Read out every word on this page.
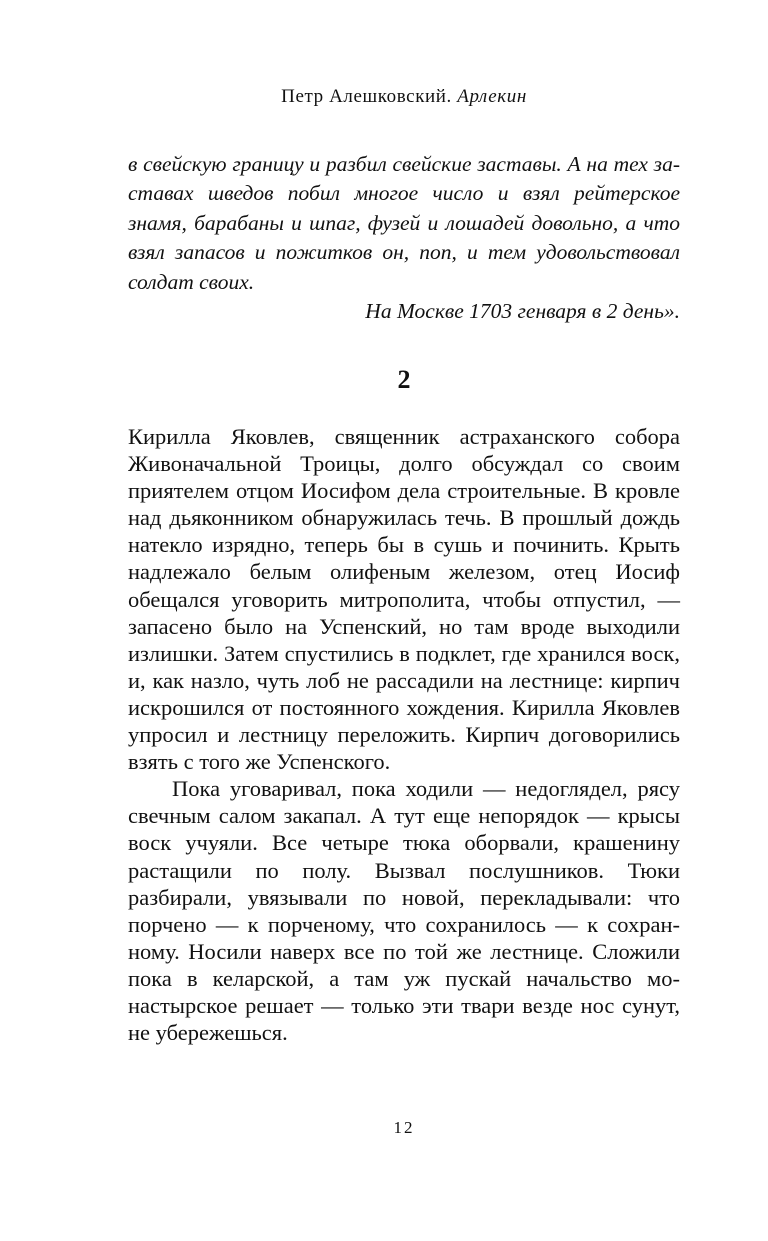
Петр Алешковский. Арлекин

в свейскую границу и разбил свейские заставы. А на тех заставах шведов побил многое число и взял рейтерское знамя, барабаны и шпаг, фузей и лошадей довольно, а что взял запасов и пожитков он, поп, и тем удовольствовал солдат своих.

На Москве 1703 генваря в 2 день».

2

Кирилла Яковлев, священник астраханского собора Живоначальной Троицы, долго обсуждал со своим приятелем отцом Иосифом дела строительные. В кровле над дьяконником обнаружилась течь. В прошлый дождь натекло изрядно, теперь бы в сушь и починить. Крыть надлежало белым олифеным железом, отец Иосиф обещался уговорить митрополита, чтобы отпустил, — запасено было на Успенский, но там вроде выходили излишки. Затем спустились в подклет, где хранился воск, и, как назло, чуть лоб не рассадили на лестнице: кирпич искрошился от постоянного хождения. Кирилла Яковлев упросил и лестницу переложить. Кирпич договорились взять с того же Успенского.

Пока уговаривал, пока ходили — недоглядел, рясу свечным салом закапал. А тут еще непорядок — крысы воск учуяли. Все четыре тюка оборвали, крашенину растащили по полу. Вызвал послушников. Тюки разбирали, увязывали по новой, перекладывали: что порчено — к порченому, что сохранилось — к сохранному. Носили наверх все по той же лестнице. Сложили пока в келарской, а там уж пускай начальство монастырское решает — только эти твари везде нос сунут, не убережешься.

12
